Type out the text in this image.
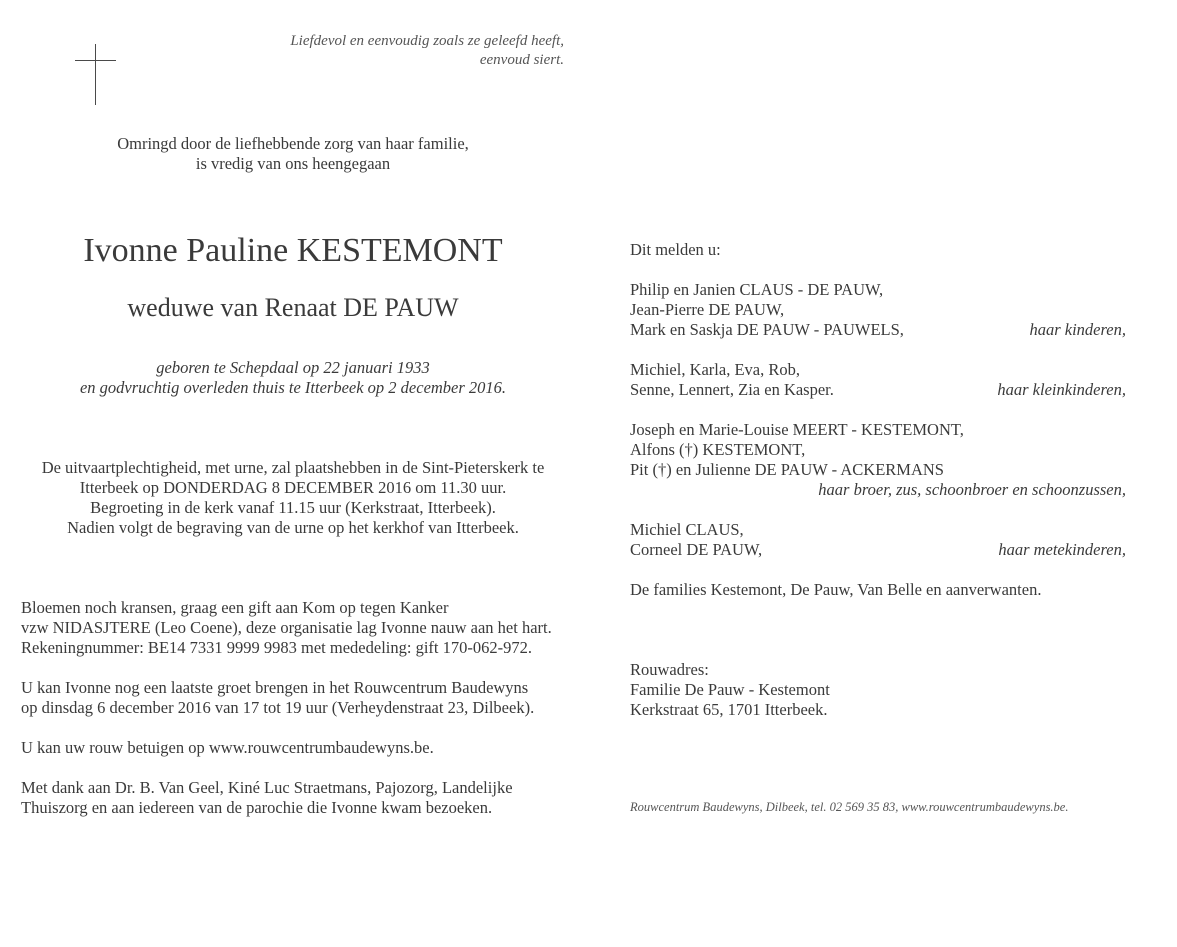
Liefdevol en eenvoudig zoals ze geleefd heeft,
eenvoud siert.
Omringd door de liefhebbende zorg van haar familie,
is vredig van ons heengegaan
Ivonne Pauline KESTEMONT
weduwe van Renaat DE PAUW
geboren te Schepdaal op 22 januari 1933
en godvruchtig overleden thuis te Itterbeek op 2 december 2016.
De uitvaartplechtigheid, met urne, zal plaatshebben in de Sint-Pieterskerk te
Itterbeek op DONDERDAG 8 DECEMBER 2016 om 11.30 uur.
Begroeting in de kerk vanaf 11.15 uur (Kerkstraat, Itterbeek).
Nadien volgt de begraving van de urne op het kerkhof van Itterbeek.
Bloemen noch kransen, graag een gift aan Kom op tegen Kanker
vzw NIDASJTERE (Leo Coene), deze organisatie lag Ivonne nauw aan het hart.
Rekeningnummer: BE14 7331 9999 9983 met mededeling: gift 170-062-972.
U kan Ivonne nog een laatste groet brengen in het Rouwcentrum Baudewyns
op dinsdag 6 december 2016 van 17 tot 19 uur (Verheydenstraat 23, Dilbeek).
U kan uw rouw betuigen op www.rouwcentrumbaudewyns.be.
Met dank aan Dr. B. Van Geel, Kiné Luc Straetmans, Pajozorg, Landelijke
Thuiszorg en aan iedereen van de parochie die Ivonne kwam bezoeken.
Dit melden u:
Philip en Janien CLAUS - DE PAUW,
Jean-Pierre DE PAUW,
Mark en Saskja DE PAUW - PAUWELS,	haar kinderen,
Michiel, Karla, Eva, Rob,
Senne, Lennert, Zia en Kasper.	haar kleinkinderen,
Joseph en Marie-Louise MEERT - KESTEMONT,
Alfons (†) KESTEMONT,
Pit (†) en Julienne DE PAUW - ACKERMANS
haar broer, zus, schoonbroer en schoonzussen,
Michiel CLAUS,
Corneel DE PAUW,	haar metekinderen,
De families Kestemont, De Pauw, Van Belle en aanverwanten.
Rouwadres:
Familie De Pauw - Kestemont
Kerkstraat 65, 1701 Itterbeek.
Rouwcentrum Baudewyns, Dilbeek, tel. 02 569 35 83, www.rouwcentrumbaudewyns.be.
